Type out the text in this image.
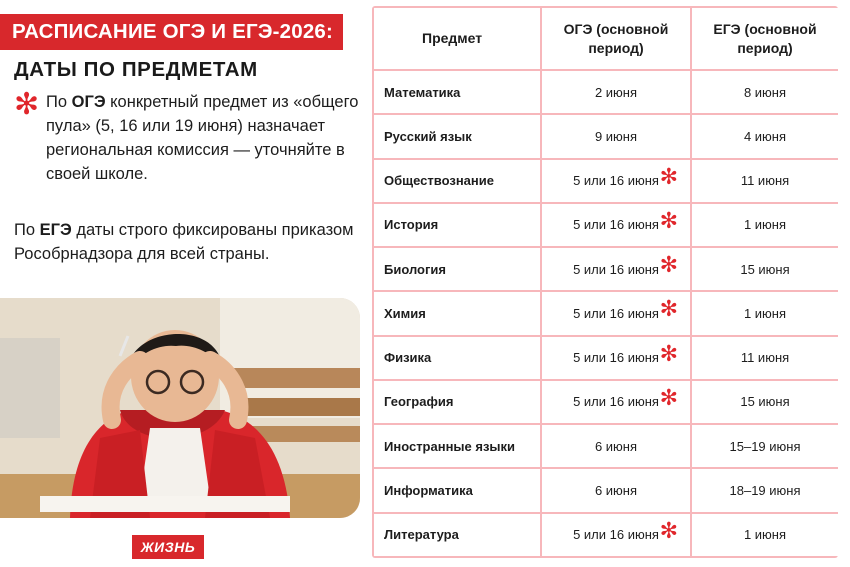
РАСПИСАНИЕ ОГЭ И ЕГЭ-2026:
ДАТЫ ПО ПРЕДМЕТАМ
✻ По ОГЭ конкретный предмет из «общего пула» (5, 16 или 19 июня) назначает региональная комиссия — уточняйте в своей школе.

По ЕГЭ даты строго фиксированы приказом Рособрнадзора для всей страны.

ЖИЗНЬ
Предмет	ОГЭ (основной период)	ЕГЭ (основной период)
Математика	2 июня	8 июня
Русский язык	9 июня	4 июня
Обществознание	5 или 16 июня ✻	11 июня
История	5 или 16 июня ✻	1 июня
Биология	5 или 16 июня ✻	15 июня
Химия	5 или 16 июня ✻	1 июня
Физика	5 или 16 июня ✻	11 июня
География	5 или 16 июня ✻	15 июня
Иностранные языки	6 июня	15–19 июня
Информатика	6 июня	18–19 июня
Литература	5 или 16 июня ✻	1 июня
